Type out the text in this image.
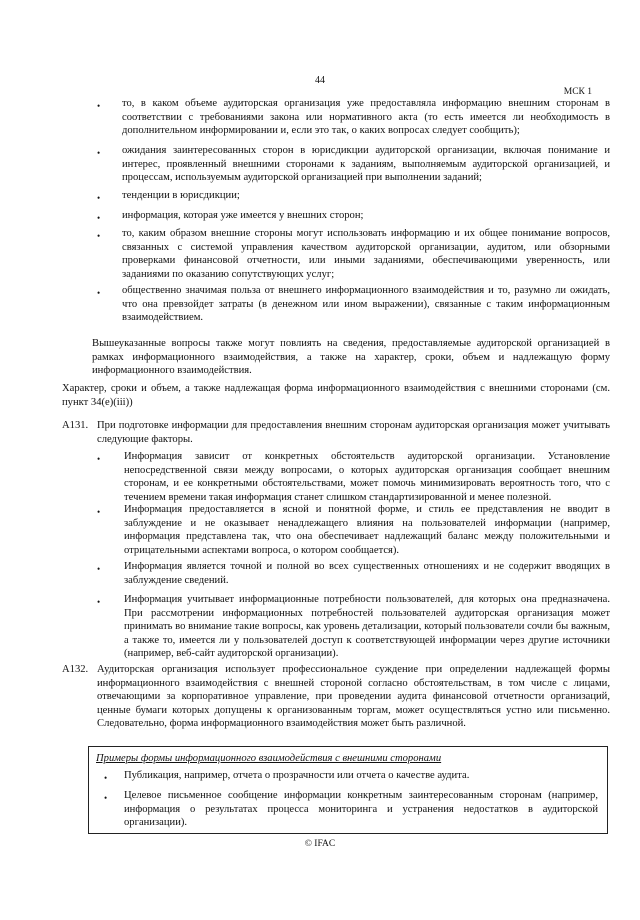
44
МСК 1
•
то, в каком объеме аудиторская организация уже предоставляла информацию внешним сторонам в соответствии с требованиями закона или нормативного акта (то есть имеется ли необходимость в дополнительном информировании и, если это так, о каких вопросах следует сообщить);
•
ожидания заинтересованных сторон в юрисдикции аудиторской организации, включая понимание и интерес, проявленный внешними сторонами к заданиям, выполняемым аудиторской организацией, и процессам, используемым аудиторской организацией при выполнении заданий;
•
тенденции в юрисдикции;
•
информация, которая уже имеется у внешних сторон;
•
то, каким образом внешние стороны могут использовать информацию и их общее понимание вопросов, связанных с системой управления качеством аудиторской организации, аудитом, или обзорными проверками финансовой отчетности, или иными заданиями, обеспечивающими уверенность, или заданиями по оказанию сопутствующих услуг;
•
общественно значимая польза от внешнего информационного взаимодействия и то, разумно ли ожидать, что она превзойдет затраты (в денежном или ином выражении), связанные с таким информационным взаимодействием.
Вышеуказанные вопросы также могут повлиять на сведения, предоставляемые аудиторской организацией в рамках информационного взаимодействия, а также на характер, сроки, объем и надлежащую форму информационного взаимодействия.
Характер, сроки и объем, а также надлежащая форма информационного взаимодействия с внешними сторонами (см. пункт 34(e)(iii))
A131. При подготовке информации для предоставления внешним сторонам аудиторская организация может учитывать следующие факторы.
•
Информация зависит от конкретных обстоятельств аудиторской организации. Установление непосредственной связи между вопросами, о которых аудиторская организация сообщает внешним сторонам, и ее конкретными обстоятельствами, может помочь минимизировать вероятность того, что с течением времени такая информация станет слишком стандартизированной и менее полезной.
•
Информация предоставляется в ясной и понятной форме, и стиль ее представления не вводит в заблуждение и не оказывает ненадлежащего влияния на пользователей информации (например, информация представлена так, что она обеспечивает надлежащий баланс между положительными и отрицательными аспектами вопроса, о котором сообщается).
•
Информация является точной и полной во всех существенных отношениях и не содержит вводящих в заблуждение сведений.
•
Информация учитывает информационные потребности пользователей, для которых она предназначена. При рассмотрении информационных потребностей пользователей аудиторская организация может принимать во внимание такие вопросы, как уровень детализации, который пользователи сочли бы важным, а также то, имеется ли у пользователей доступ к соответствующей информации через другие источники (например, веб-сайт аудиторской организации).
A132. Аудиторская организация использует профессиональное суждение при определении надлежащей формы информационного взаимодействия с внешней стороной согласно обстоятельствам, в том числе с лицами, отвечающими за корпоративное управление, при проведении аудита финансовой отчетности организаций, ценные бумаги которых допущены к организованным торгам, может осуществляться устно или письменно. Следовательно, форма информационного взаимодействия может быть различной.
Примеры формы информационного взаимодействия с внешними сторонами
•
Публикация, например, отчета о прозрачности или отчета о качестве аудита.
•
Целевое письменное сообщение информации конкретным заинтересованным сторонам (например, информация о результатах процесса мониторинга и устранения недостатков в аудиторской организации).
© IFAC
